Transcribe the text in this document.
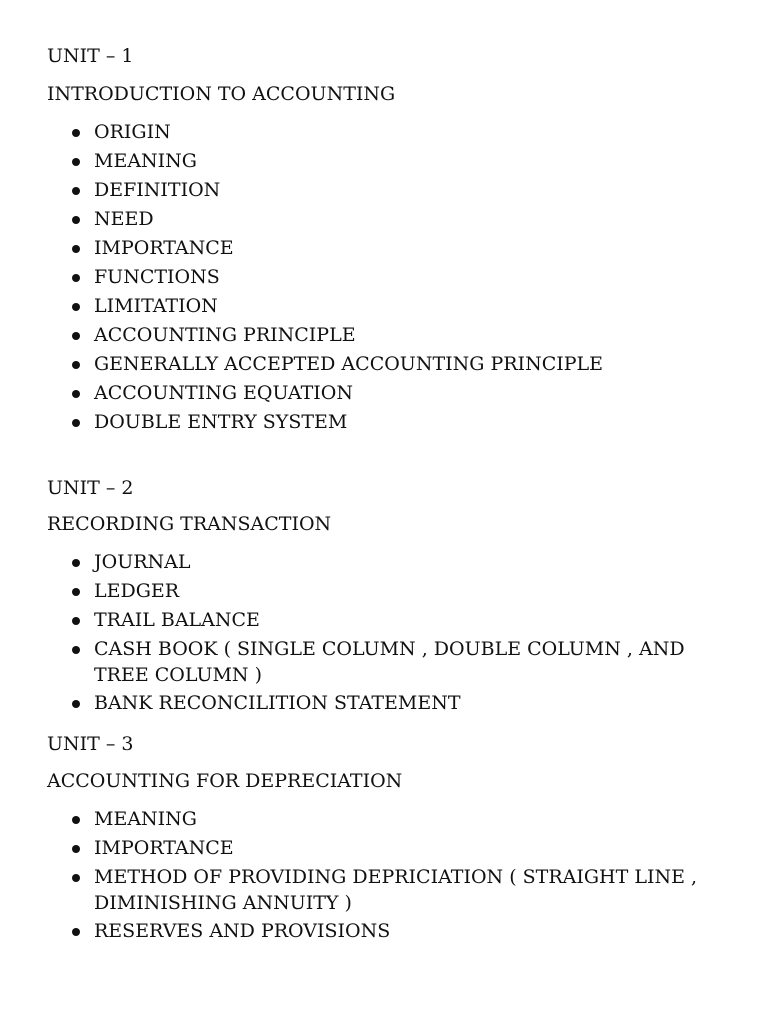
UNIT – 1
INTRODUCTION TO ACCOUNTING
ORIGIN
MEANING
DEFINITION
NEED
IMPORTANCE
FUNCTIONS
LIMITATION
ACCOUNTING PRINCIPLE
GENERALLY ACCEPTED ACCOUNTING PRINCIPLE
ACCOUNTING EQUATION
DOUBLE ENTRY SYSTEM
UNIT – 2
RECORDING TRANSACTION
JOURNAL
LEDGER
TRAIL BALANCE
CASH BOOK ( SINGLE COLUMN , DOUBLE COLUMN , AND TREE COLUMN )
BANK RECONCILITION STATEMENT
UNIT – 3
ACCOUNTING FOR DEPRECIATION
MEANING
IMPORTANCE
METHOD OF PROVIDING DEPRICIATION ( STRAIGHT LINE , DIMINISHING ANNUITY )
RESERVES AND PROVISIONS
